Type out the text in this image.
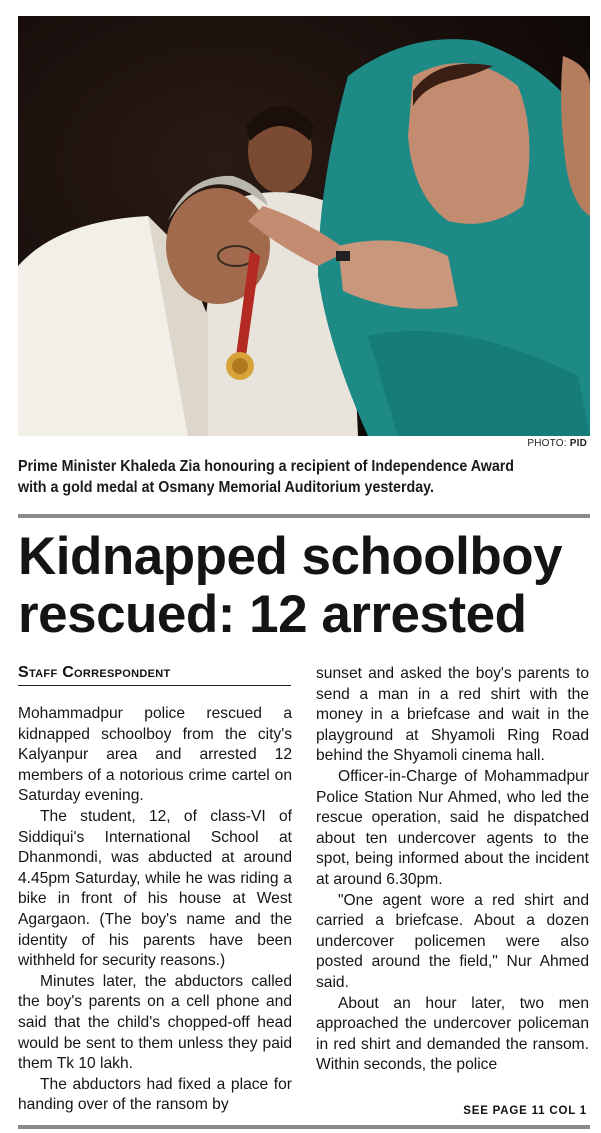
PHOTO: PID
Prime Minister Khaleda Zia honouring a recipient of Independence Award
with a gold medal at Osmany Memorial Auditorium yesterday.
Kidnapped schoolboy
rescued: 12 arrested
Staff Correspondent

Mohammadpur police rescued a kidnapped schoolboy from the city's Kalyanpur area and arrested 12 members of a notorious crime cartel on Saturday evening.

The student, 12, of class-VI of Siddiqui's International School at Dhanmondi, was abducted at around 4.45pm Saturday, while he was riding a bike in front of his house at West Agargaon. (The boy's name and the identity of his parents have been withheld for security reasons.)

Minutes later, the abductors called the boy's parents on a cell phone and said that the child's chopped-off head would be sent to them unless they paid them Tk 10 lakh.

The abductors had fixed a place for handing over of the ransom by

sunset and asked the boy's parents to send a man in a red shirt with the money in a briefcase and wait in the playground at Shyamoli Ring Road behind the Shyamoli cinema hall.

Officer-in-Charge of Mohammadpur Police Station Nur Ahmed, who led the rescue operation, said he dispatched about ten undercover agents to the spot, being informed about the incident at around 6.30pm.

"One agent wore a red shirt and carried a briefcase. About a dozen undercover policemen were also posted around the field," Nur Ahmed said.

About an hour later, two men approached the undercover policeman in red shirt and demanded the ransom. Within seconds, the police

SEE PAGE 11 COL 1
